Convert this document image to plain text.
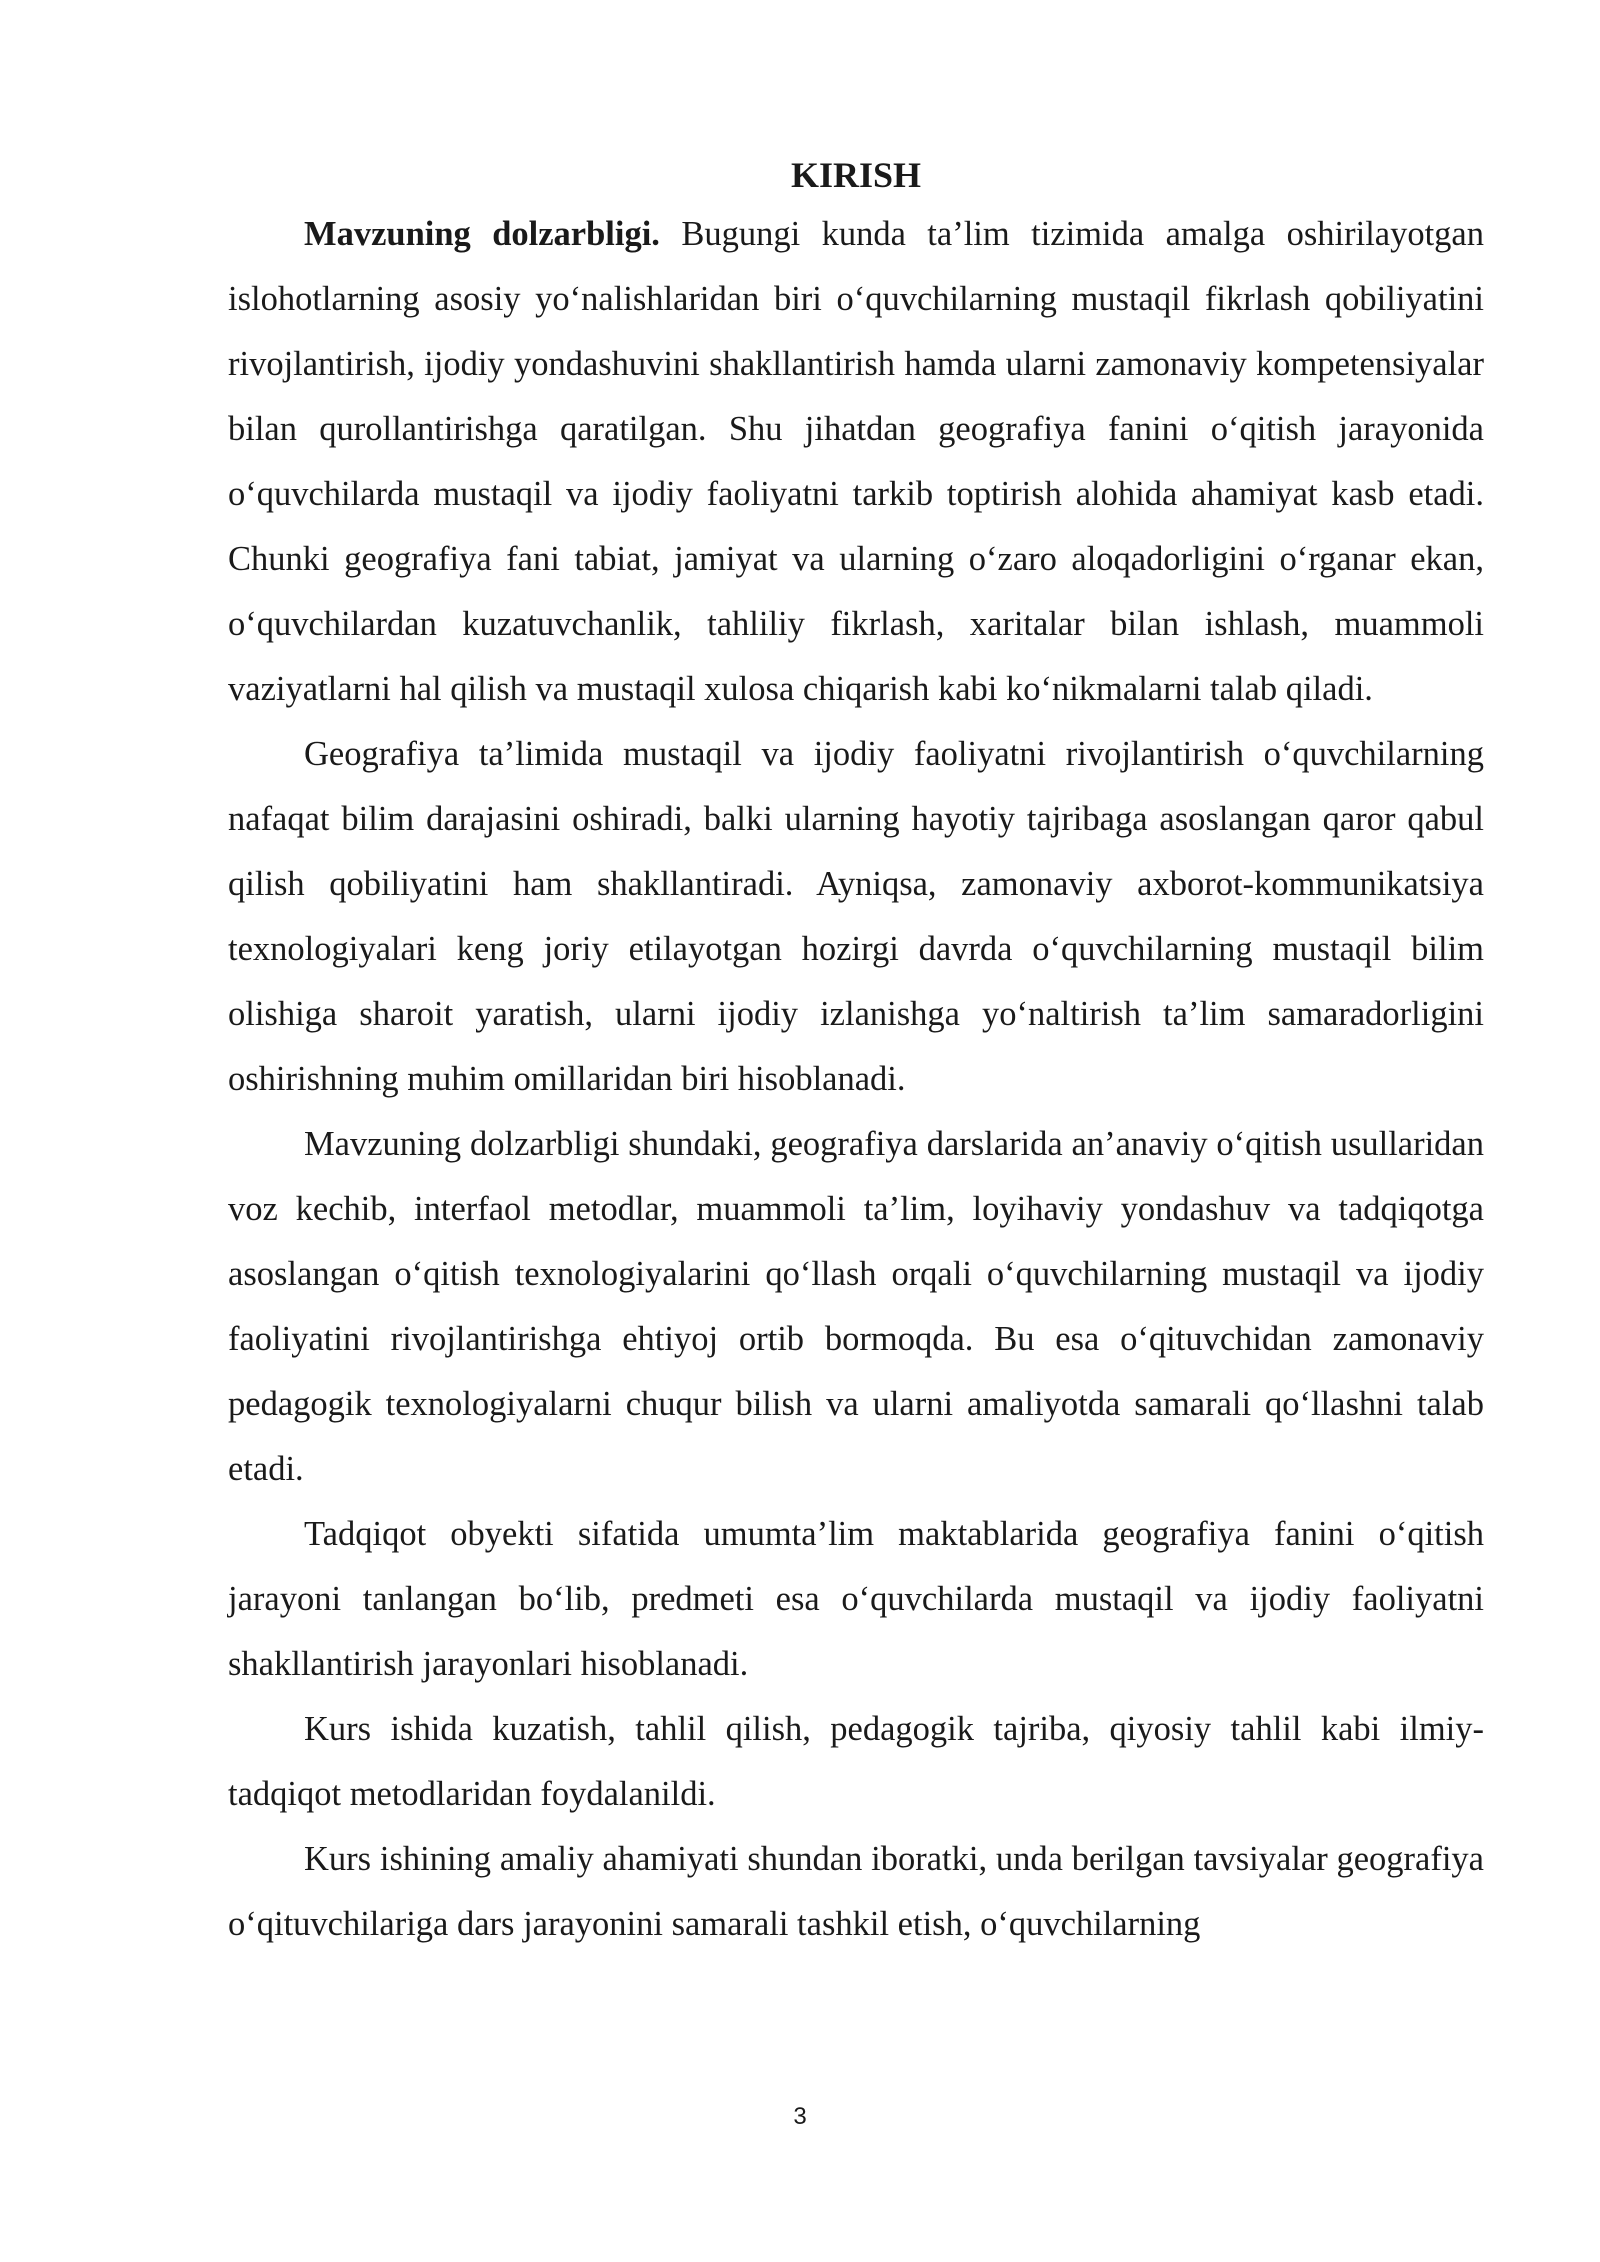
KIRISH

Mavzuning dolzarbligi. Bugungi kunda ta’lim tizimida amalga oshirilayotgan islohotlarning asosiy yo‘nalishlaridan biri o‘quvchilarning mustaqil fikrlash qobiliyatini rivojlantirish, ijodiy yondashuvini shakllantirish hamda ularni zamonaviy kompetensiyalar bilan qurollantirishga qaratilgan. Shu jihatdan geografiya fanini o‘qitish jarayonida o‘quvchilarda mustaqil va ijodiy faoliyatni tarkib toptirish alohida ahamiyat kasb etadi. Chunki geografiya fani tabiat, jamiyat va ularning o‘zaro aloqadorligini o‘rganar ekan, o‘quvchilardan kuzatuvchanlik, tahliliy fikrlash, xaritalar bilan ishlash, muammoli vaziyatlarni hal qilish va mustaqil xulosa chiqarish kabi ko‘nikmalarni talab qiladi.

Geografiya ta’limida mustaqil va ijodiy faoliyatni rivojlantirish o‘quvchilarning nafaqat bilim darajasini oshiradi, balki ularning hayotiy tajribaga asoslangan qaror qabul qilish qobiliyatini ham shakllantiradi. Ayniqsa, zamonaviy axborot-kommunikatsiya texnologiyalari keng joriy etilayotgan hozirgi davrda o‘quvchilarning mustaqil bilim olishiga sharoit yaratish, ularni ijodiy izlanishga yo‘naltirish ta’lim samaradorligini oshirishning muhim omillaridan biri hisoblanadi.

Mavzuning dolzarbligi shundaki, geografiya darslarida an’anaviy o‘qitish usullaridan voz kechib, interfaol metodlar, muammoli ta’lim, loyihaviy yondashuv va tadqiqotga asoslangan o‘qitish texnologiyalarini qo‘llash orqali o‘quvchilarning mustaqil va ijodiy faoliyatini rivojlantirishga ehtiyoj ortib bormoqda. Bu esa o‘qituvchidan zamonaviy pedagogik texnologiyalarni chuqur bilish va ularni amaliyotda samarali qo‘llashni talab etadi.

Tadqiqot obyekti sifatida umumta’lim maktablarida geografiya fanini o‘qitish jarayoni tanlangan bo‘lib, predmeti esa o‘quvchilarda mustaqil va ijodiy faoliyatni shakllantirish jarayonlari hisoblanadi.

Kurs ishida kuzatish, tahlil qilish, pedagogik tajriba, qiyosiy tahlil kabi ilmiy-tadqiqot metodlaridan foydalanildi.

Kurs ishining amaliy ahamiyati shundan iboratki, unda berilgan tavsiyalar geografiya o‘qituvchilariga dars jarayonini samarali tashkil etish, o‘quvchilarning

3
